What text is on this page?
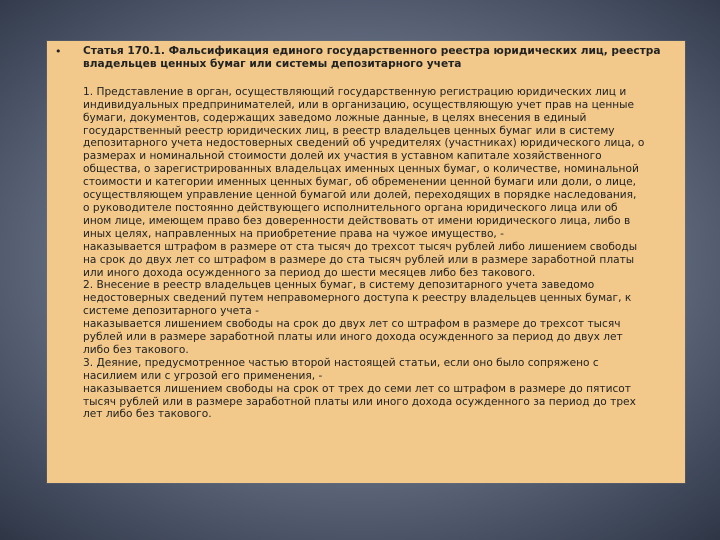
• Статья 170.1. Фальсификация единого государственного реестра юридических лиц, реестра
владельцев ценных бумаг или системы депозитарного учета

1. Представление в орган, осуществляющий государственную регистрацию юридических лиц и
индивидуальных предпринимателей, или в организацию, осуществляющую учет прав на ценные
бумаги, документов, содержащих заведомо ложные данные, в целях внесения в единый
государственный реестр юридических лиц, в реестр владельцев ценных бумаг или в систему
депозитарного учета недостоверных сведений об учредителях (участниках) юридического лица, о
размерах и номинальной стоимости долей их участия в уставном капитале хозяйственного
общества, о зарегистрированных владельцах именных ценных бумаг, о количестве, номинальной
стоимости и категории именных ценных бумаг, об обременении ценной бумаги или доли, о лице,
осуществляющем управление ценной бумагой или долей, переходящих в порядке наследования,
о руководителе постоянно действующего исполнительного органа юридического лица или об
ином лице, имеющем право без доверенности действовать от имени юридического лица, либо в
иных целях, направленных на приобретение права на чужое имущество, -
наказывается штрафом в размере от ста тысяч до трехсот тысяч рублей либо лишением свободы
на срок до двух лет со штрафом в размере до ста тысяч рублей или в размере заработной платы
или иного дохода осужденного за период до шести месяцев либо без такового.
2. Внесение в реестр владельцев ценных бумаг, в систему депозитарного учета заведомо
недостоверных сведений путем неправомерного доступа к реестру владельцев ценных бумаг, к
системе депозитарного учета -
наказывается лишением свободы на срок до двух лет со штрафом в размере до трехсот тысяч
рублей или в размере заработной платы или иного дохода осужденного за период до двух лет
либо без такового.
3. Деяние, предусмотренное частью второй настоящей статьи, если оно было сопряжено с
насилием или с угрозой его применения, -
наказывается лишением свободы на срок от трех до семи лет со штрафом в размере до пятисот
тысяч рублей или в размере заработной платы или иного дохода осужденного за период до трех
лет либо без такового.
